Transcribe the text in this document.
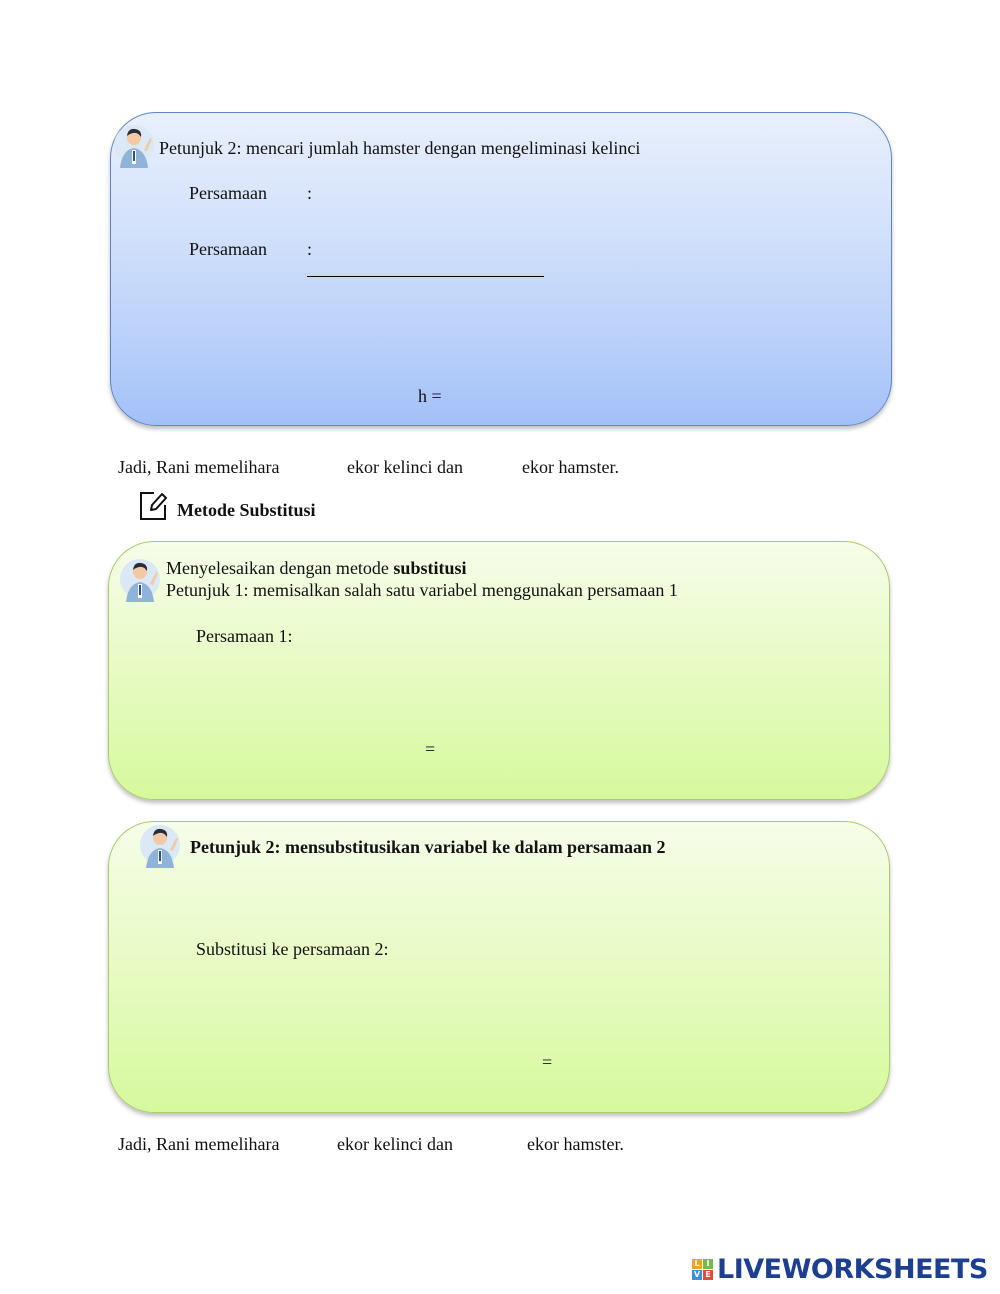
Petunjuk 2: mencari jumlah hamster dengan mengeliminasi kelinci
Persamaan :
Persamaan :
h =
Jadi, Rani memelihara	ekor kelinci dan	ekor hamster.
Metode Substitusi
Menyelesaikan dengan metode substitusi
Petunjuk 1: memisalkan salah satu variabel menggunakan persamaan 1
Persamaan 1:
=
Petunjuk 2: mensubstitusikan variabel ke dalam persamaan 2
Substitusi ke persamaan 2:
=
Jadi, Rani memelihara	ekor kelinci dan	ekor hamster.
L I
V E LIVEWORKSHEETS
